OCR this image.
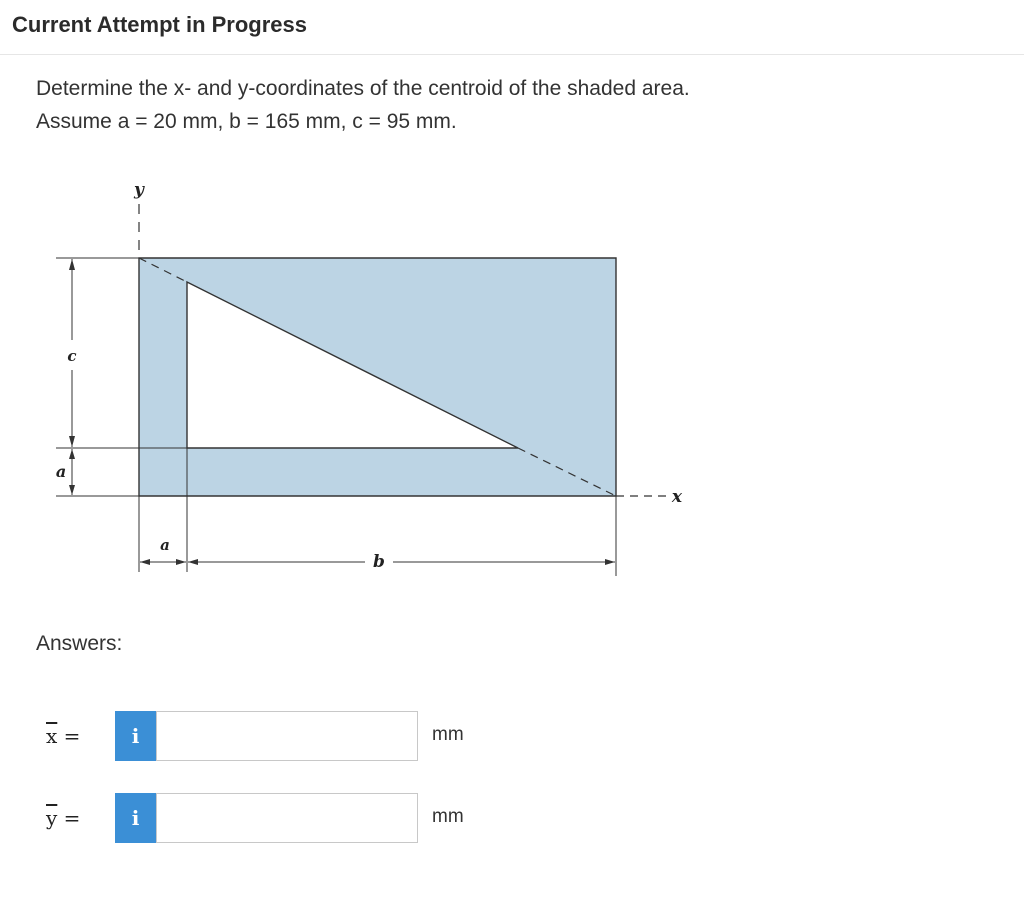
Current Attempt in Progress
Determine the x- and y-coordinates of the centroid of the shaded area.
Assume a = 20 mm, b = 165 mm, c = 95 mm.
y
x
c
a
a
b
Answers:
$\overline{x}$ =	i	mm
$\overline{y}$ =	i	mm
